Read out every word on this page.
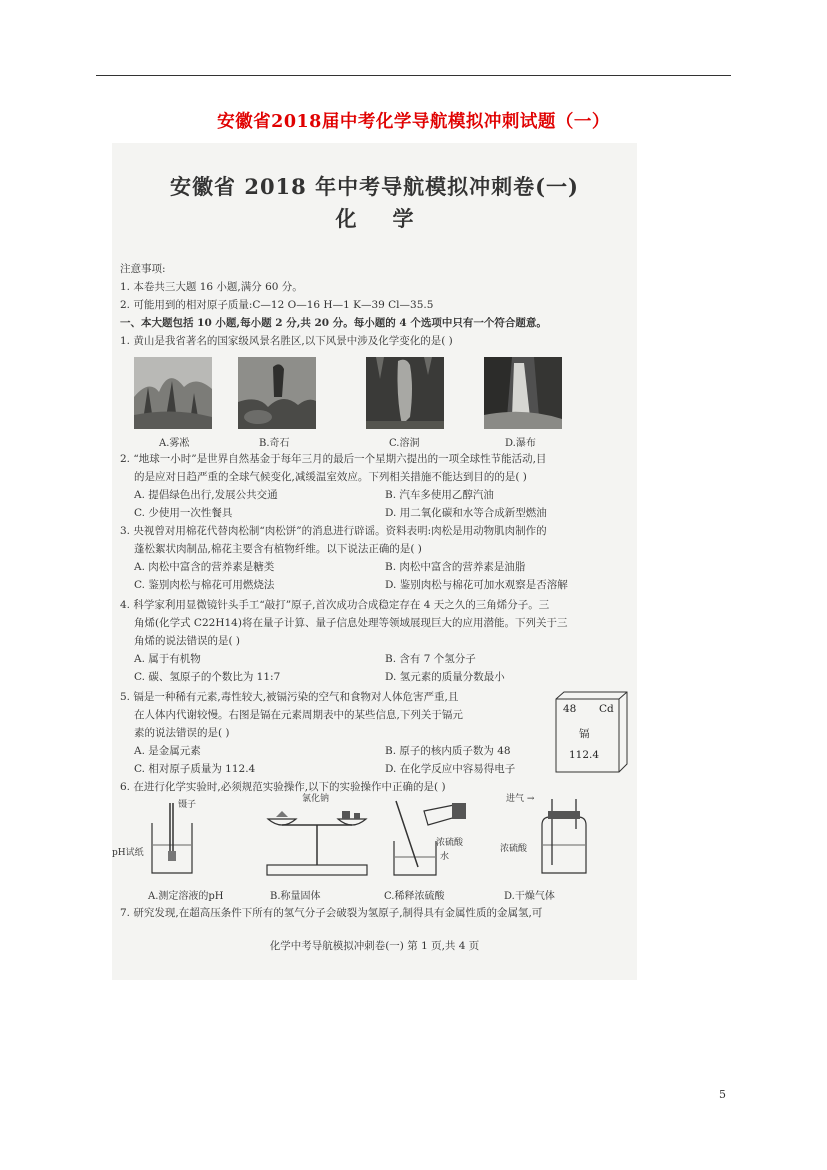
安徽省2018届中考化学导航模拟冲刺试题（一）
安徽省 2018 年中考导航模拟冲刺卷(一)
化学
注意事项:
1. 本卷共三大题 16 小题,满分 60 分。
2. 可能用到的相对原子质量:C—12 O—16 H—1 K—39 Cl—35.5
一、本大题包括 10 小题,每小题 2 分,共 20 分。每小题的 4 个选项中只有一个符合题意。
1. 黄山是我省著名的国家级风景名胜区,以下风景中涉及化学变化的是( )
A.雾凇	B.奇石	C.溶洞	D.瀑布
2. “地球一小时”是世界自然基金于每年三月的最后一个星期六提出的一项全球性节能活动,目
的是应对日趋严重的全球气候变化,减缓温室效应。下列相关措施不能达到目的的是( )
A. 提倡绿色出行,发展公共交通	B. 汽车多使用乙醇汽油
C. 少使用一次性餐具	D. 用二氧化碳和水等合成新型燃油
3. 央视曾对用棉花代替肉松制“肉松饼”的消息进行辟谣。资料表明:肉松是用动物肌肉制作的
蓬松絮状肉制品,棉花主要含有植物纤维。以下说法正确的是( )
A. 肉松中富含的营养素是糖类	B. 肉松中富含的营养素是油脂
C. 鉴别肉松与棉花可用燃烧法	D. 鉴别肉松与棉花可加水观察是否溶解
4. 科学家利用显微镜针头手工“敲打”原子,首次成功合成稳定存在 4 天之久的三角烯分子。三
角烯(化学式 C22H14)将在量子计算、量子信息处理等领域展现巨大的应用潜能。下列关于三
角烯的说法错误的是( )
A. 属于有机物	B. 含有 7 个氢分子
C. 碳、氢原子的个数比为 11:7	D. 氢元素的质量分数最小
5. 镉是一种稀有元素,毒性较大,被镉污染的空气和食物对人体危害严重,且
在人体内代谢较慢。右图是镉在元素周期表中的某些信息,下列关于镉元
素的说法错误的是( )
A. 是金属元素	B. 原子的核内质子数为 48
C. 相对原子质量为 112.4	D. 在化学反应中容易得电子
48 Cd
镉
112.4
6. 在进行化学实验时,必须规范实验操作,以下的实验操作中正确的是( )
镊子
pH试纸
氯化钠
浓硫酸
水
进气 →
浓硫酸
A.测定溶液的pH	B.称量固体	C.稀释浓硫酸	D.干燥气体
7. 研究发现,在超高压条件下所有的氢气分子会破裂为氢原子,制得具有金属性质的金属氢,可
化学中考导航模拟冲刺卷(一) 第 1 页,共 4 页
5
